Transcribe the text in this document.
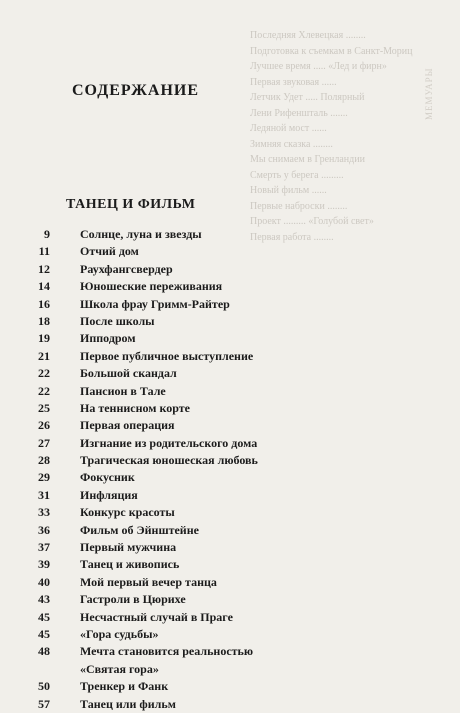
Последняя Хлевецкая ........
Подготовка к съемкам в Санкт-Мориц
Лучшее время ..... «Лед и фирн»
Первая звуковая ......
Летчик Удет ..... Полярный
Лени Рифеншталь .......
Ледяной мост ......
Зимняя сказка ........
Мы снимаем в Гренландии
Смерть у берега .........
Новый фильм ......
Первые наброски ........
Проект ......... «Голубой свет»
Первая работа ........
МЕМУАРЫ
СОДЕРЖАНИЕ
ТАНЕЦ И ФИЛЬМ
9	Солнце, луна и звезды
11	Отчий дом
12	Раухфангсвердер
14	Юношеские переживания
16	Школа фрау Гримм-Райтер
18	После школы
19	Ипподром
21	Первое публичное выступление
22	Большой скандал
22	Пансион в Тале
25	На теннисном корте
26	Первая операция
27	Изгнание из родительского дома
28	Трагическая юношеская любовь
29	Фокусник
31	Инфляция
33	Конкурс красоты
36	Фильм об Эйнштейне
37	Первый мужчина
39	Танец и живопись
40	Мой первый вечер танца
43	Гастроли в Цюрихе
45	Несчастный случай в Праге
45	«Гора судьбы»
48	Мечта становится реальностью
«Святая гора»
50	Тренкер и Фанк
57	Танец или фильм
